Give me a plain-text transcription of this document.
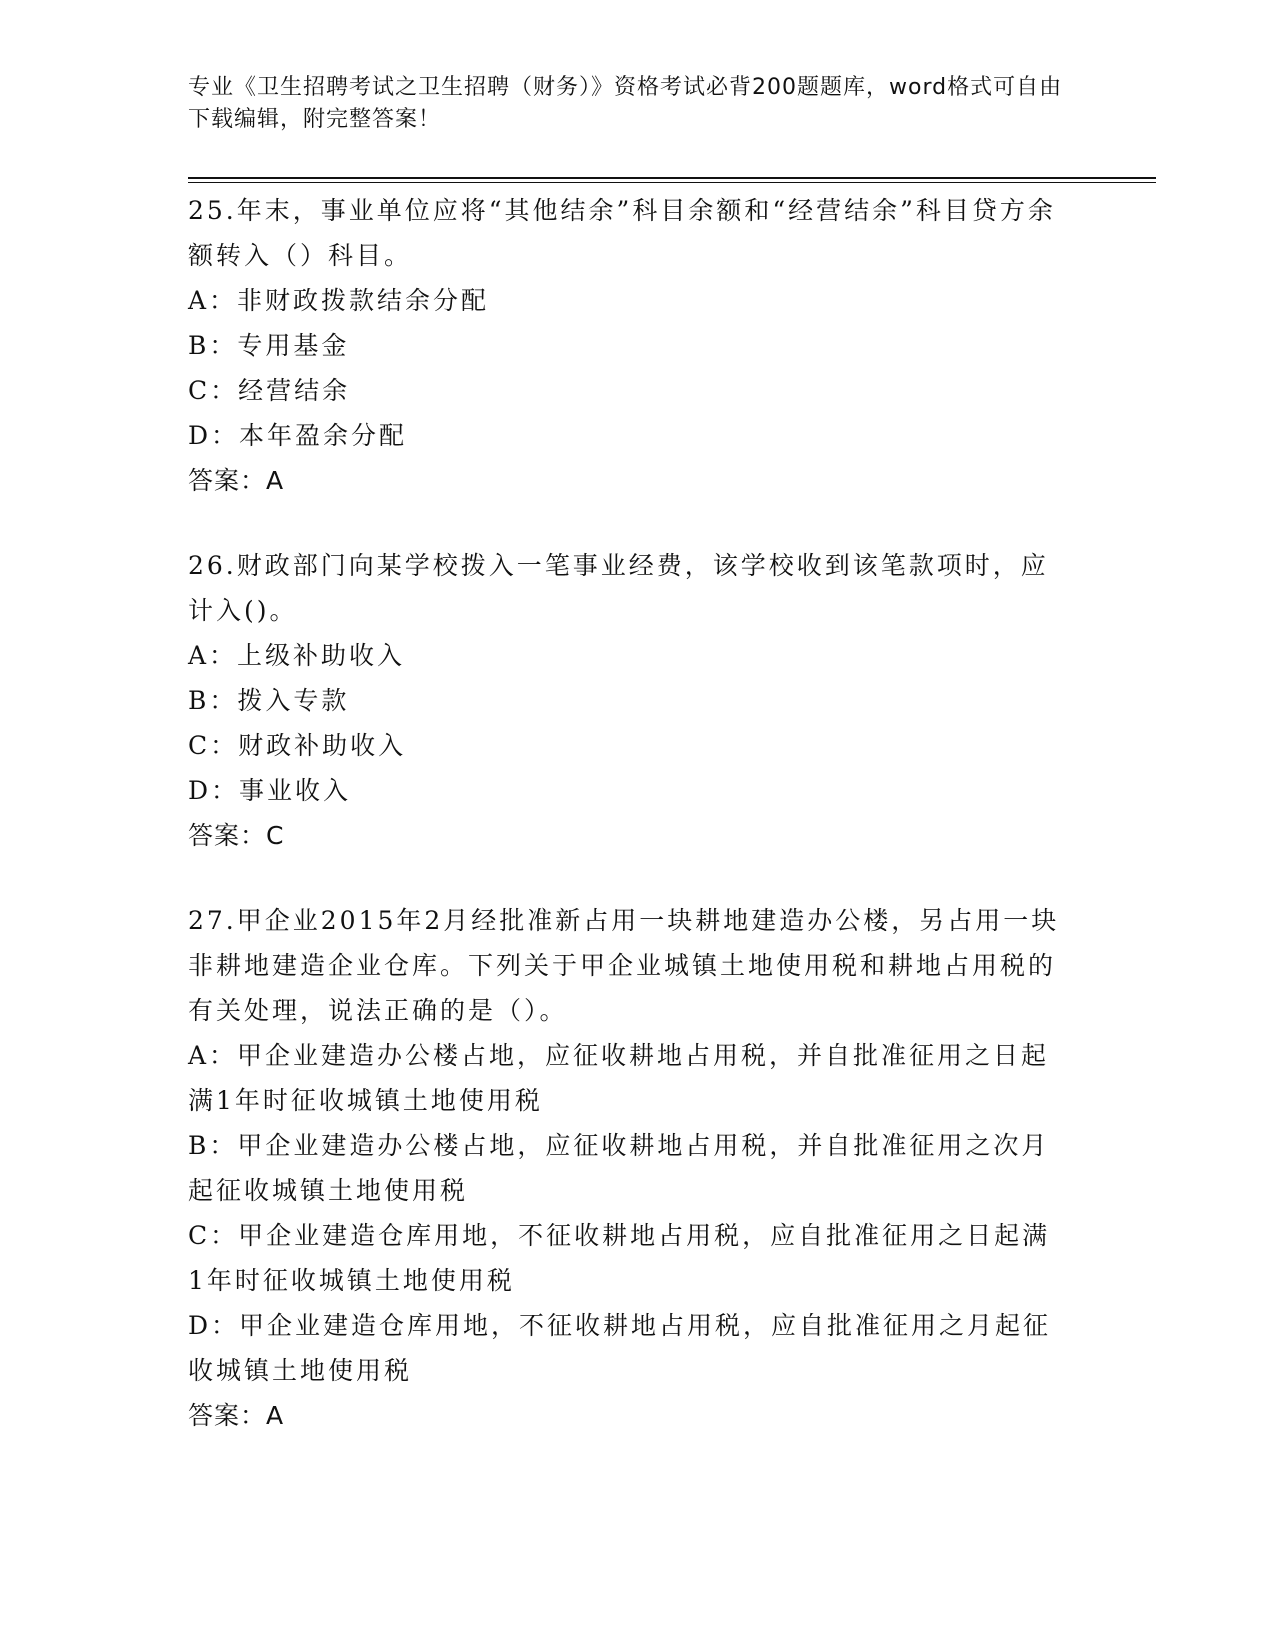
专业《卫生招聘考试之卫生招聘（财务）》资格考试必背200题题库，word格式可自由下载编辑，附完整答案！
25.年末，事业单位应将“其他结余”科目余额和“经营结余”科目贷方余额转入（）科目。
A：非财政拨款结余分配
B：专用基金
C：经营结余
D：本年盈余分配
答案：A
26.财政部门向某学校拨入一笔事业经费，该学校收到该笔款项时，应计入()。
A：上级补助收入
B：拨入专款
C：财政补助收入
D：事业收入
答案：C
27.甲企业2015年2月经批准新占用一块耕地建造办公楼，另占用一块非耕地建造企业仓库。下列关于甲企业城镇土地使用税和耕地占用税的有关处理，说法正确的是（）。
A：甲企业建造办公楼占地，应征收耕地占用税，并自批准征用之日起满1年时征收城镇土地使用税
B：甲企业建造办公楼占地，应征收耕地占用税，并自批准征用之次月起征收城镇土地使用税
C：甲企业建造仓库用地，不征收耕地占用税，应自批准征用之日起满1年时征收城镇土地使用税
D：甲企业建造仓库用地，不征收耕地占用税，应自批准征用之月起征收城镇土地使用税
答案：A
